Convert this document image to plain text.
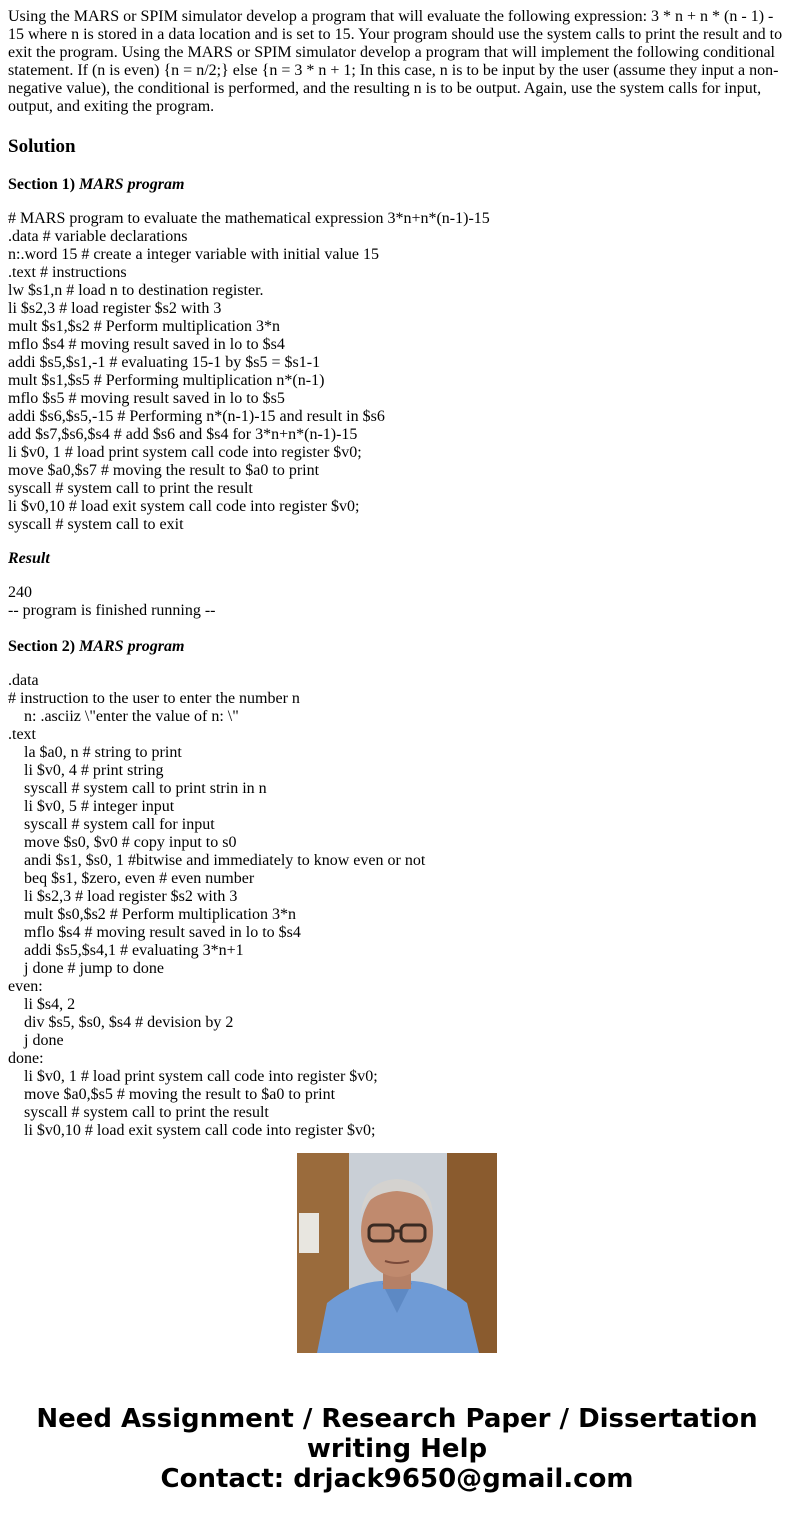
Using the MARS or SPIM simulator develop a program that will evaluate the following expression: 3 * n + n * (n - 1) - 15 where n is stored in a data location and is set to 15. Your program should use the system calls to print the result and to exit the program. Using the MARS or SPIM simulator develop a program that will implement the following conditional statement. If (n is even) {n = n/2;} else {n = 3 * n + 1; In this case, n is to be input by the user (assume they input a non-negative value), the conditional is performed, and the resulting n is to be output. Again, use the system calls for input, output, and exiting the program.

Solution
Section 1) MARS program
# MARS program to evaluate the mathematical expression 3*n+n*(n-1)-15
.data # variable declarations
n:.word 15 # create a integer variable with initial value 15
.text # instructions
lw $s1,n # load n to destination register.
li $s2,3 # load register $s2 with 3
mult $s1,$s2 # Perform multiplication 3*n
mflo $s4 # moving result saved in lo to $s4
addi $s5,$s1,-1 # evaluating 15-1 by $s5 = $s1-1
mult $s1,$s5 # Performing multiplication n*(n-1)
mflo $s5 # moving result saved in lo to $s5
addi $s6,$s5,-15 # Performing n*(n-1)-15 and result in $s6
add $s7,$s6,$s4 # add $s6 and $s4 for 3*n+n*(n-1)-15
li $v0, 1 # load print system call code into register $v0;
move $a0,$s7 # moving the result to $a0 to print
syscall # system call to print the result
li $v0,10 # load exit system call code into register $v0;
syscall # system call to exit
Result
240
-- program is finished running --
Section 2) MARS program
.data
# instruction to the user to enter the number n
n: .asciiz \"enter the value of n: \"
.text
la $a0, n # string to print
li $v0, 4 # print string
syscall # system call to print strin in n
li $v0, 5 # integer input
syscall # system call for input
move $s0, $v0 # copy input to s0
andi $s1, $s0, 1 #bitwise and immediately to know even or not
beq $s1, $zero, even # even number
li $s2,3 # load register $s2 with 3
mult $s0,$s2 # Perform multiplication 3*n
mflo $s4 # moving result saved in lo to $s4
addi $s5,$s4,1 # evaluating 3*n+1
j done # jump to done
even:
li $s4, 2
div $s5, $s0, $s4 # devision by 2
j done
done:
li $v0, 1 # load print system call code into register $v0;
move $a0,$s5 # moving the result to $a0 to print
syscall # system call to print the result
li $v0,10 # load exit system call code into register $v0;
Need Assignment / Research Paper / Dissertation
writing Help
Contact: drjack9650@gmail.com
